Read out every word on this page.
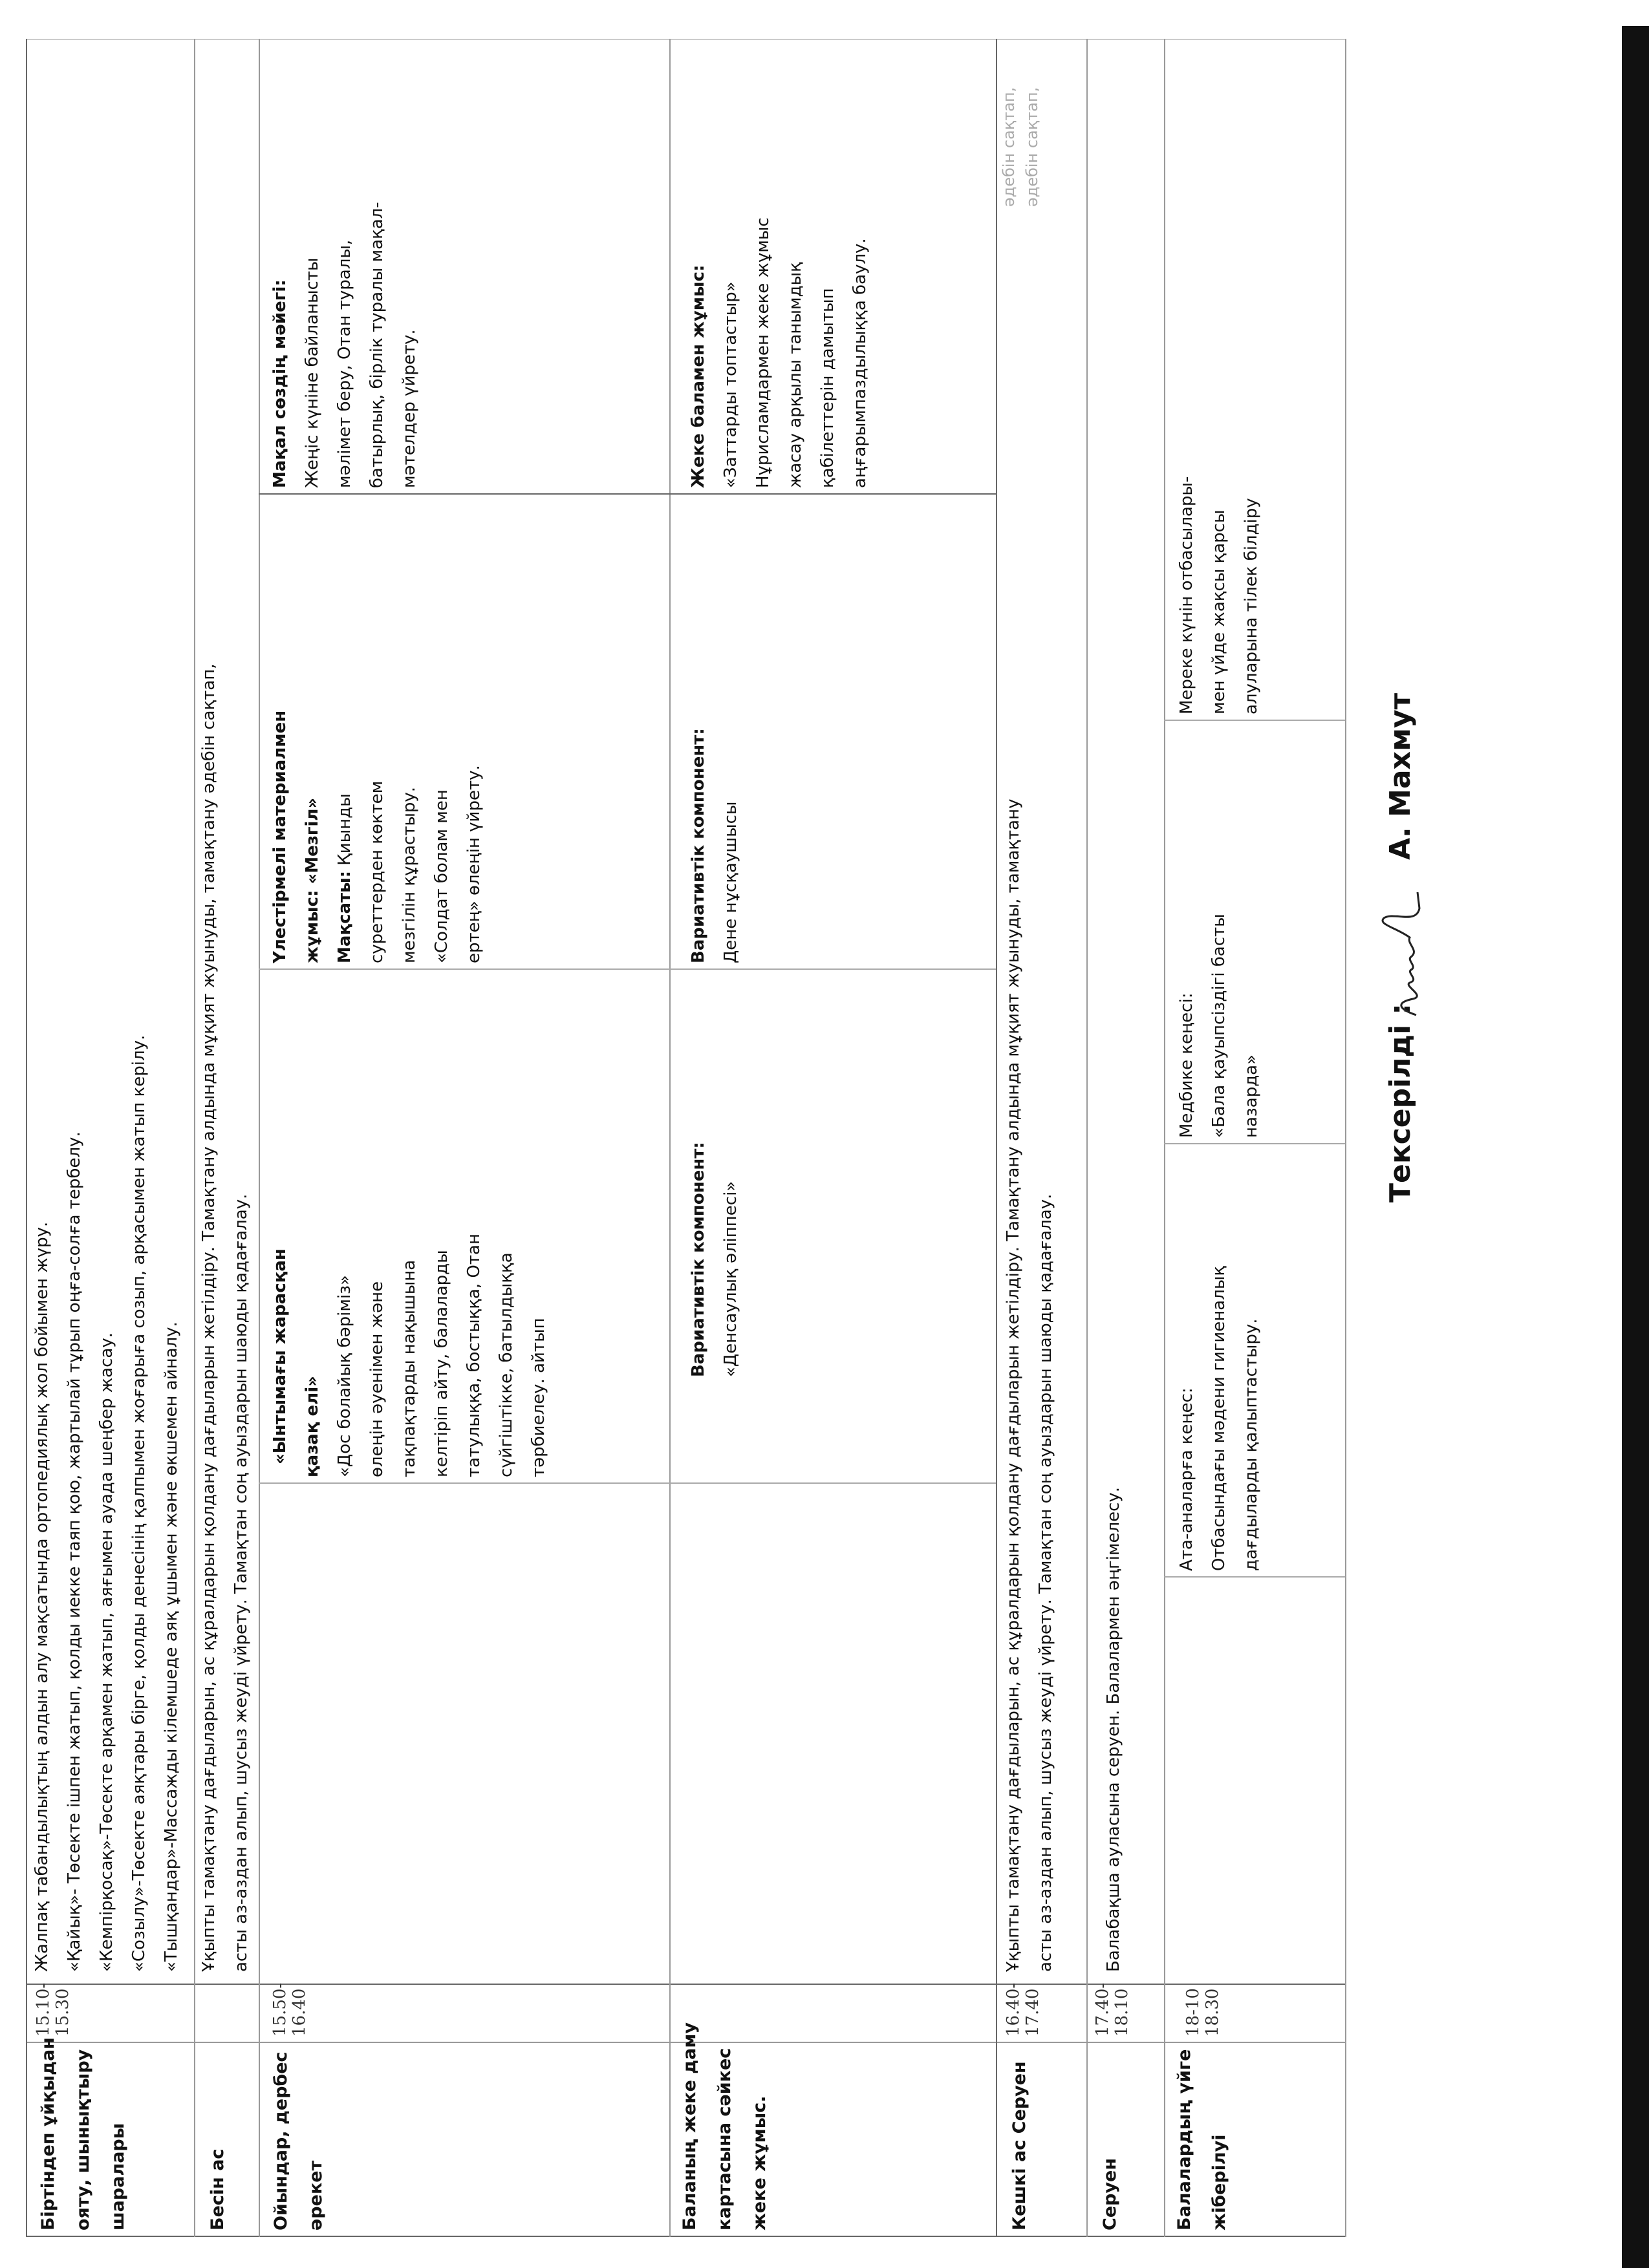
Біртіндеп ұйқыдан ояту, шынықтыру шаралары
15.10- 15.30
Жалпақ табандылықтың алдын алу мақсатында ортопедиялық жол бойымен жүру. «Қайық»- Төсекте ішпен жатып, қолды иекке таяп қою, жартылай тұрып оңға-солға тербелу. «Кемпірқосақ»-Төсекте арқамен жатып, аяғымен ауада шеңбер жасау. «Созылу»-Төсекте аяқтары бірге, қолды денесінің қалпымен жоғарыға созып, арқасымен жатып керілу. «Тышқандар»-Массажды кілемшеде аяқ ұшымен және өкшемен айналу.
Бесін ас
Ұқыпты тамақтану дағдыларын, ас құралдарын қолдану дағдыларын жетілдіру. Тамақтану алдында мұқият жуынуды, тамақтану әдебін сақтап, асты аз-аздан алып, шусыз жеуді үйрету. Тамақтан соң ауыздарын шаюды қадағалау.
Ойындар, дербес әрекет
15.50- 16.40
«Ынтымағы жарасқан қазақ елі» «Дос болайық бәріміз» өлеңін әуенімен және тақпақтарды нақышына келтіріп айту, балаларды татулыққа, бостыққа, Отан сүйгіштікке, батылдыққа тәрбиелеу. айтып
Үлестірмелі материалмен жұмыс: «Мезгіл» Мақсаты: Қиынды суреттерден көктем мезгілін құрастыру. «Солдат болам мен ертең» өлеңін үйрету.
Мақал сөздің мәйегі: Жеңіс күніне байланысты мәлімет беру, Отан туралы, батырлық, бірлік туралы мақал- мәтелдер үйрету.
Баланың жеке даму картасына сәйкес жеке жұмыс.
Вариативтік компонент: «Денсаулық әліппесі»
Вариативтік компонент: Дене нұсқаушысы
Жеке баламен жұмыс: «Заттарды топтастыр» Нұрисламдармен жеке жұмыс жасау арқылы танымдық қабілеттерін дамытып аңғарымпаздылыққа баулу.
Кешкі ас Серуен
16.40- 17.40
Ұқыпты тамақтану дағдыларын, ас құралдарын қолдану дағдыларын жетілдіру. Тамақтану алдында мұқият жуынуды, тамақтану асты аз-аздан алып, шусыз жеуді үйрету. Тамақтан соң ауыздарын шаюды қадағалау.
әдебін сақтап, әдебін сақтап,
Серуен
17.40- 18.10
Балабақша ауласына серуен. Балалармен әңгімелесу.
Балалардың үйге жіберілуі
18-10 18.30
Ата-аналарға кеңес: Отбасындағы мәдени гигиеналық дағдыларды қалыптастыру.
Медбике кеңесі: «Бала қауыпсіздігі басты назарда»
Мереке күнін отбасылары- мен үйде жақсы қарсы алуларына тілек білдіру
Тексерілді :
А. Махмут
